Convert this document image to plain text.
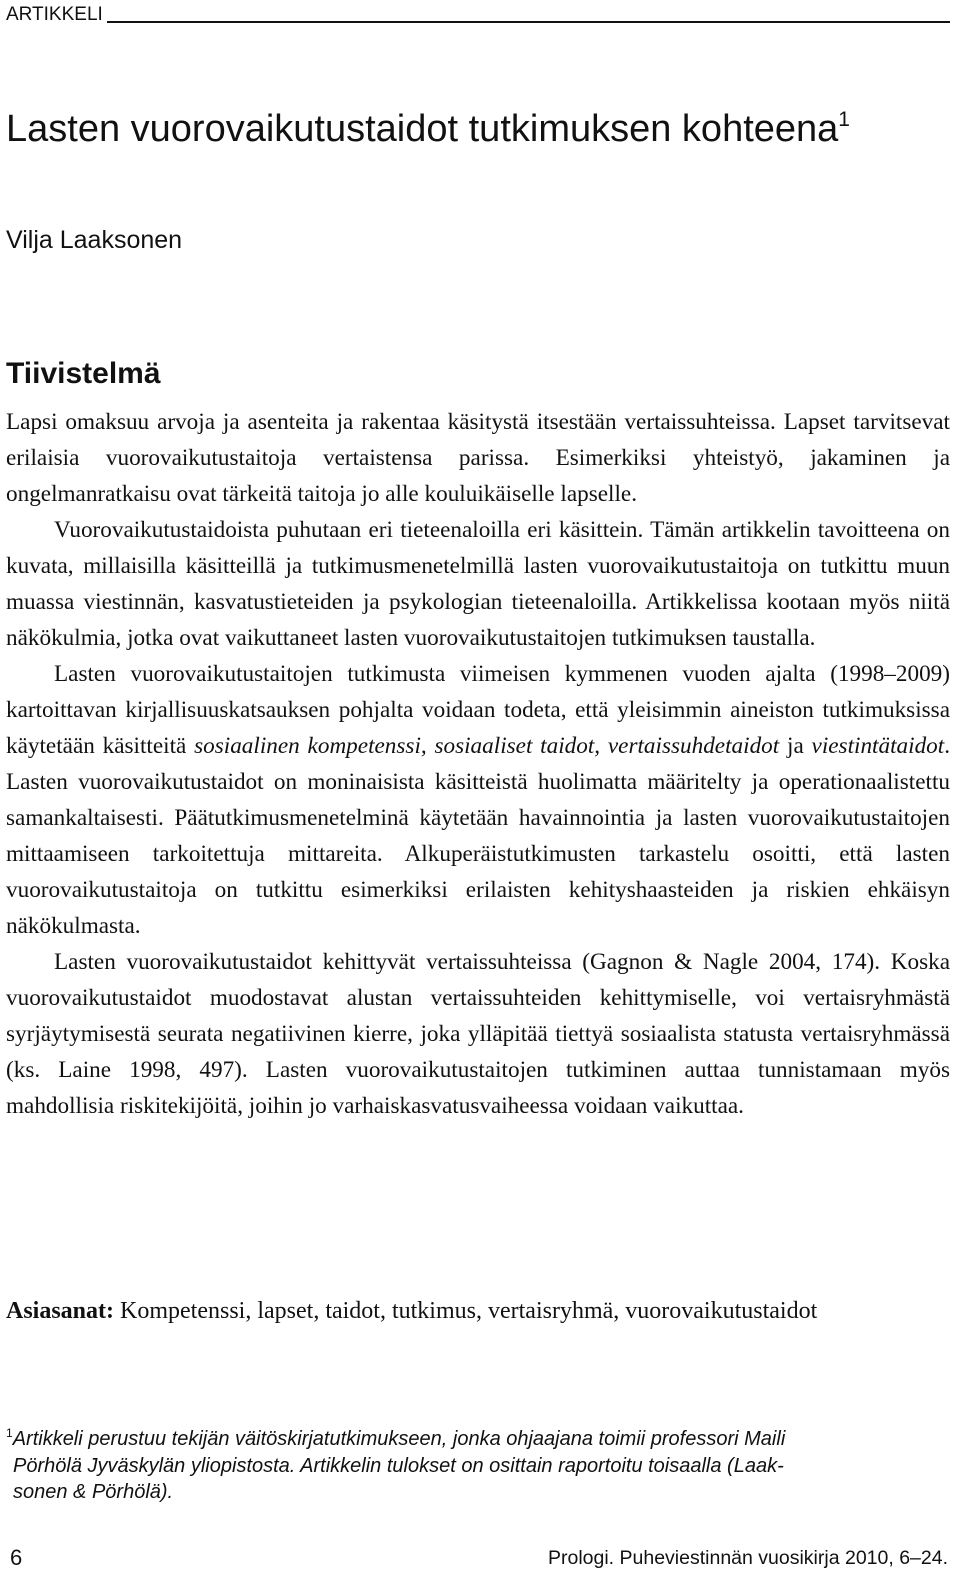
ARTIKKELI
Lasten vuorovaikutustaidot tutkimuksen kohteena$^1$
Vilja Laaksonen
Tiivistelmä

Lapsi omaksuu arvoja ja asenteita ja rakentaa käsitystä itsestään vertaissuhteissa. Lapset tarvitsevat erilaisia vuorovaikutustaitoja vertaistensa parissa. Esimerkiksi yhteistyö, jakaminen ja ongelmanratkaisu ovat tärkeitä taitoja jo alle kouluikäiselle lapselle.

Vuorovaikutustaidoista puhutaan eri tieteenaloilla eri käsittein. Tämän artikkelin tavoitteena on kuvata, millaisilla käsitteillä ja tutkimusmenetelmillä lasten vuorovaikutustaitoja on tutkittu muun muassa viestinnän, kasvatustieteiden ja psykologian tieteenaloilla. Artikkelissa kootaan myös niitä näkökulmia, jotka ovat vaikuttaneet lasten vuorovaikutustaitojen tutkimuksen taustalla.

Lasten vuorovaikutustaitojen tutkimusta viimeisen kymmenen vuoden ajalta (1998–2009) kartoittavan kirjallisuuskatsauksen pohjalta voidaan todeta, että yleisimmin aineiston tutkimuksissa käytetään käsitteitä sosiaalinen kompetenssi, sosiaaliset taidot, vertaissuhdetaidot ja viestintätaidot. Lasten vuorovaikutustaidot on moninaisista käsitteistä huolimatta määritelty ja operationaalistettu samankaltaisesti. Päätutkimusmenetelminä käytetään havainnointia ja lasten vuorovaikutustaitojen mittaamiseen tarkoitettuja mittareita. Alkuperäistutkimusten tarkastelu osoitti, että lasten vuorovaikutustaitoja on tutkittu esimerkiksi erilaisten kehityshaasteiden ja riskien ehkäisyn näkökulmasta.

Lasten vuorovaikutustaidot kehittyvät vertaissuhteissa (Gagnon & Nagle 2004, 174). Koska vuorovaikutustaidot muodostavat alustan vertaissuhteiden kehittymiselle, voi vertaisryhmästä syrjäytymisestä seurata negatiivinen kierre, joka ylläpitää tiettyä sosiaalista statusta vertaisryhmässä (ks. Laine 1998, 497). Lasten vuorovaikutustaitojen tutkiminen auttaa tunnistamaan myös mahdollisia riskitekijöitä, joihin jo varhaiskasvatusvaiheessa voidaan vaikuttaa.

Asiasanat: Kompetenssi, lapset, taidot, tutkimus, vertaisryhmä, vuorovaikutustaidot
$^1$Artikkeli perustuu tekijän väitöskirjatutkimukseen, jonka ohjaajana toimii professori Maili
Pörhölä Jyväskylän yliopistosta. Artikkelin tulokset on osittain raportoitu toisaalla (Laak-
sonen & Pörhölä).
6	Prologi. Puheviestinnän vuosikirja 2010, 6–24.
